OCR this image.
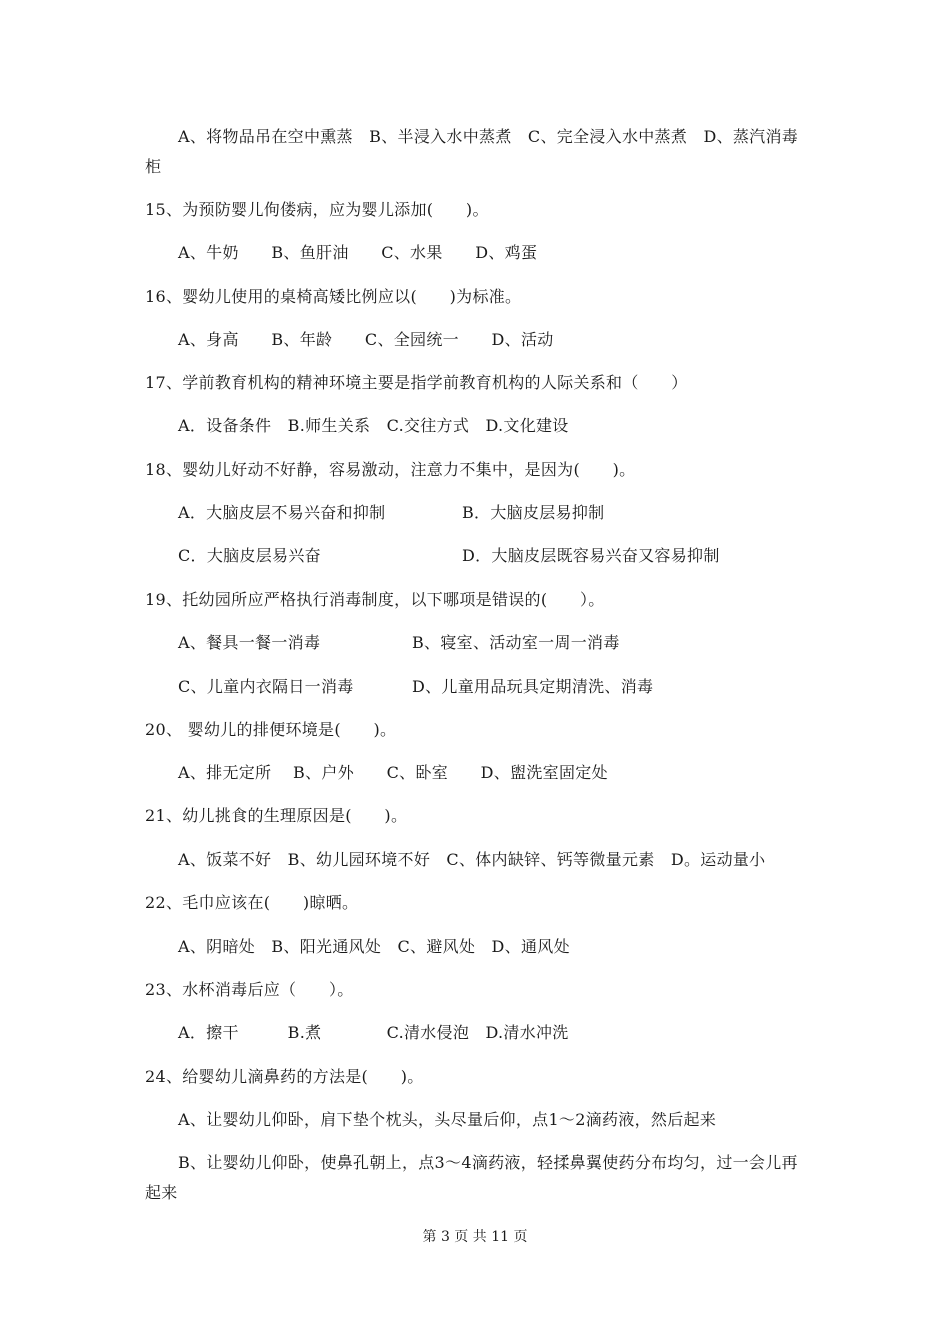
A、将物品吊在空中熏蒸　B、半浸入水中蒸煮　C、完全浸入水中蒸煮　D、蒸汽消毒
柜
15、为预防婴儿佝偻病，应为婴儿添加(　　)。
A、牛奶　　B、鱼肝油　　C、水果　　D、鸡蛋
16、婴幼儿使用的桌椅高矮比例应以(　　)为标准。
A、身高　　B、年龄　　C、全园统一　　D、活动
17、学前教育机构的精神环境主要是指学前教育机构的人际关系和（　　）
A．设备条件　B.师生关系　C.交往方式　D.文化建设
18、婴幼儿好动不好静，容易激动，注意力不集中，是因为(　　)。
A．大脑皮层不易兴奋和抑制	B．大脑皮层易抑制
C．大脑皮层易兴奋	D．大脑皮层既容易兴奋又容易抑制
19、托幼园所应严格执行消毒制度，以下哪项是错误的(　　）。
A、餐具一餐一消毒	B、寝室、活动室一周一消毒
C、儿童内衣隔日一消毒	D、儿童用品玩具定期清洗、消毒
20、 婴幼儿的排便环境是(　　)。
A、排无定所　 B、户外　　C、卧室　　D、盥洗室固定处
21、幼儿挑食的生理原因是(　　)。
A、饭菜不好　B、幼儿园环境不好　C、体内缺锌、钙等微量元素　D。运动量小
22、毛巾应该在(　　)晾晒。
A、阴暗处　B、阳光通风处　C、避风处　D、通风处
23、水杯消毒后应（　　）。
A．擦干　　　B.煮　　　　C.清水侵泡　D.清水冲洗
24、给婴幼儿滴鼻药的方法是(　　)。
A、让婴幼儿仰卧，肩下垫个枕头，头尽量后仰，点1～2滴药液，然后起来
B、让婴幼儿仰卧，使鼻孔朝上，点3～4滴药液，轻揉鼻翼使药分布均匀，过一会儿再
起来
第 3 页 共 11 页
